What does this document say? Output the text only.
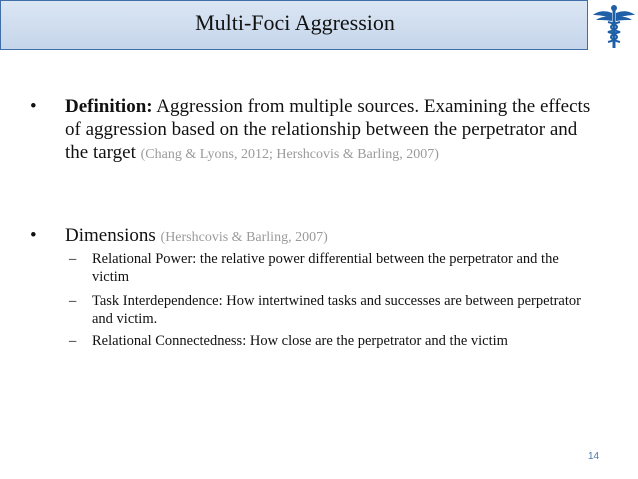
Multi-Foci Aggression
• Definition: Aggression from multiple sources. Examining the effects of aggression based on the relationship between the perpetrator and the target (Chang & Lyons, 2012; Hershcovis & Barling, 2007)
• Dimensions (Hershcovis & Barling, 2007)
– Relational Power: the relative power differential between the perpetrator and the victim
– Task Interdependence: How intertwined tasks and successes are between perpetrator and victim.
– Relational Connectedness: How close are the perpetrator and the victim
14
